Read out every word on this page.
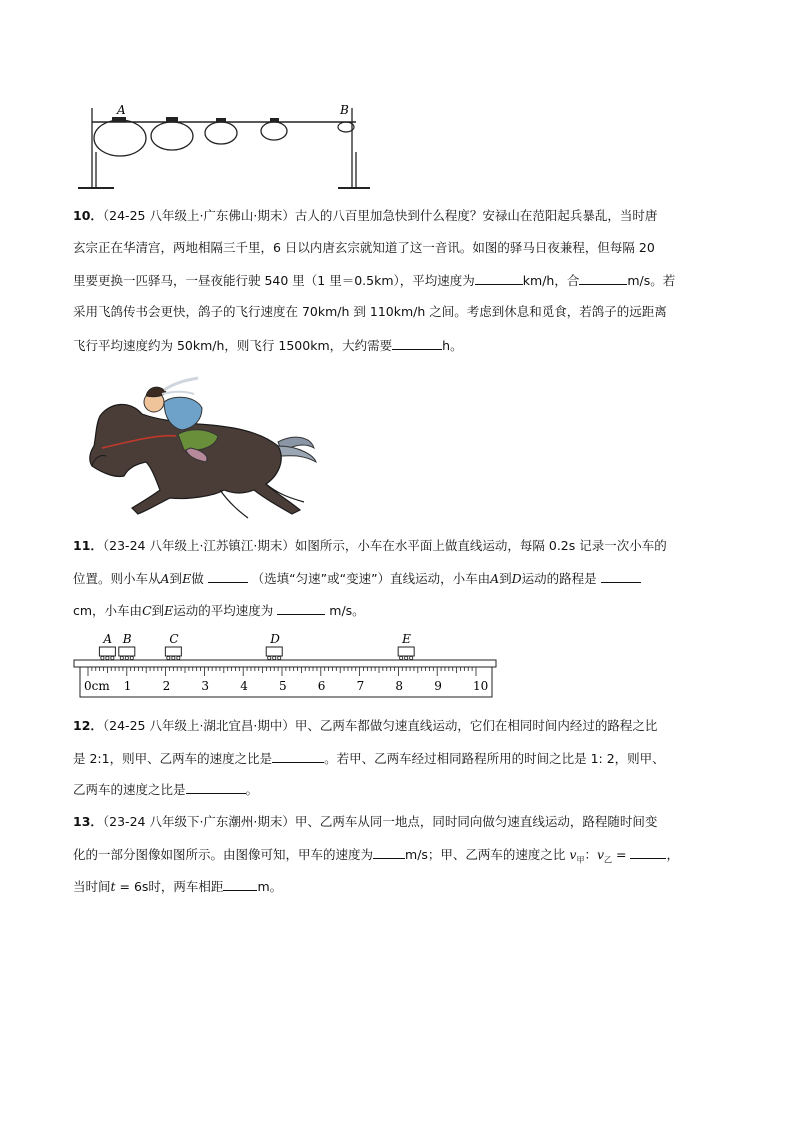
A	B
10．（24-25 八年级上·广东佛山·期末）古人的八百里加急快到什么程度？安禄山在范阳起兵暴乱，当时唐
玄宗正在华清宫，两地相隔三千里，6 日以内唐玄宗就知道了这一音讯。如图的驿马日夜兼程，但每隔 20
里要更换一匹驿马，一昼夜能行驶 540 里（1 里＝0.5km），平均速度为	km/h，合	m/s。若
采用飞鸽传书会更快，鸽子的飞行速度在 70km/h 到 110km/h 之间。考虑到休息和觅食，若鸽子的远距离
飞行平均速度约为 50km/h，则飞行 1500km，大约需要	h。
11．（23-24 八年级上·江苏镇江·期末）如图所示，小车在水平面上做直线运动，每隔 0.2s 记录一次小车的
位置。则小车从A到E做	（选填“匀速”或“变速”）直线运动，小车由A到D运动的路程是
cm，小车由C到E运动的平均速度为	m/s。
0cm 1	2	3	4	5	6	7	8	9	10
A B	C	D	E
12．（24-25 八年级上·湖北宜昌·期中）甲、乙两车都做匀速直线运动，它们在相同时间内经过的路程之比
是 2:1，则甲、乙两车的速度之比是	。若甲、乙两车经过相同路程所用的时间之比是 1: 2，则甲、
乙两车的速度之比是	。
13．（23-24 八年级下·广东潮州·期末）甲、乙两车从同一地点，同时同向做匀速直线运动，路程随时间变
化的一部分图像如图所示。由图像可知，甲车的速度为	m/s；甲、乙两车的速度之比 $v_甲$：$v_乙$ =	，
当时间t = 6s时，两车相距	m。
